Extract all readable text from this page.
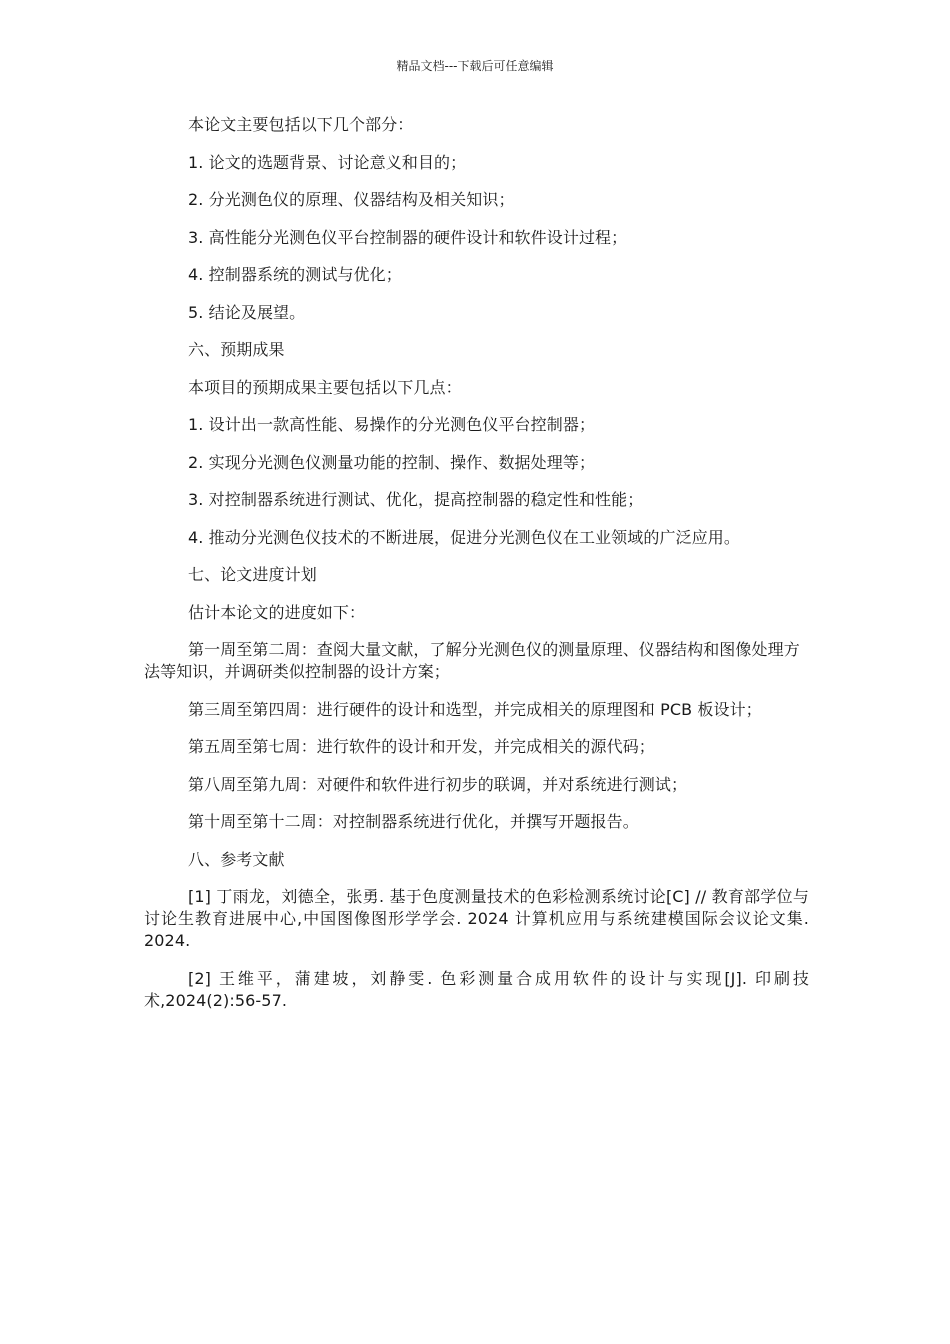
精品文档---下载后可任意编辑

本论文主要包括以下几个部分：

1. 论文的选题背景、讨论意义和目的；

2. 分光测色仪的原理、仪器结构及相关知识；

3. 高性能分光测色仪平台控制器的硬件设计和软件设计过程；

4. 控制器系统的测试与优化；

5. 结论及展望。

六、预期成果

本项目的预期成果主要包括以下几点：

1. 设计出一款高性能、易操作的分光测色仪平台控制器；

2. 实现分光测色仪测量功能的控制、操作、数据处理等；

3. 对控制器系统进行测试、优化，提高控制器的稳定性和性能；

4. 推动分光测色仪技术的不断进展，促进分光测色仪在工业领域的广泛应用。

七、论文进度计划

估计本论文的进度如下：

第一周至第二周：查阅大量文献，了解分光测色仪的测量原理、仪器结构和图像处理方法等知识，并调研类似控制器的设计方案；

第三周至第四周：进行硬件的设计和选型，并完成相关的原理图和 PCB 板设计；

第五周至第七周：进行软件的设计和开发，并完成相关的源代码；

第八周至第九周：对硬件和软件进行初步的联调，并对系统进行测试；

第十周至第十二周：对控制器系统进行优化，并撰写开题报告。

八、参考文献

[1] 丁雨龙，刘德全，张勇. 基于色度测量技术的色彩检测系统讨论[C] // 教育部学位与讨论生教育进展中心,中国图像图形学学会. 2024 计算机应用与系统建模国际会议论文集. 2024.

[2] 王维平，蒲建坡，刘静雯. 色彩测量合成用软件的设计与实现[J]. 印刷技术,2024(2):56-57.
